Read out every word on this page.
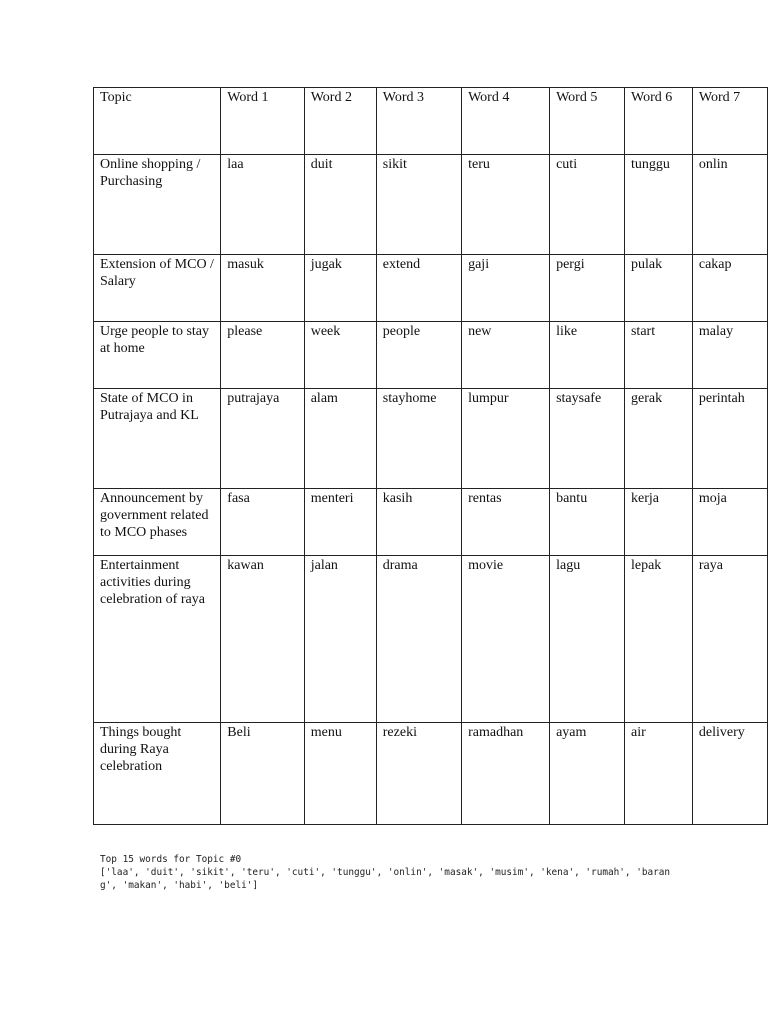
Topic	Word 1	Word 2	Word 3	Word 4	Word 5	Word 6	Word 7
Online shopping / Purchasing	laa	duit	sikit	teru	cuti	tunggu	onlin
Extension of MCO / Salary	masuk	jugak	extend	gaji	pergi	pulak	cakap
Urge people to stay at home	please	week	people	new	like	start	malay
State of MCO in Putrajaya and KL	putrajaya	alam	stayhome	lumpur	staysafe	gerak	perintah
Announcement by government related to MCO phases	fasa	menteri	kasih	rentas	bantu	kerja	moja
Entertainment activities during celebration of raya	kawan	jalan	drama	movie	lagu	lepak	raya
Things bought during Raya celebration	Beli	menu	rezeki	ramadhan	ayam	air	delivery
Top 15 words for Topic #0
['laa', 'duit', 'sikit', 'teru', 'cuti', 'tunggu', 'onlin', 'masak', 'musim', 'kena', 'rumah', 'baran
g', 'makan', 'habi', 'beli']
